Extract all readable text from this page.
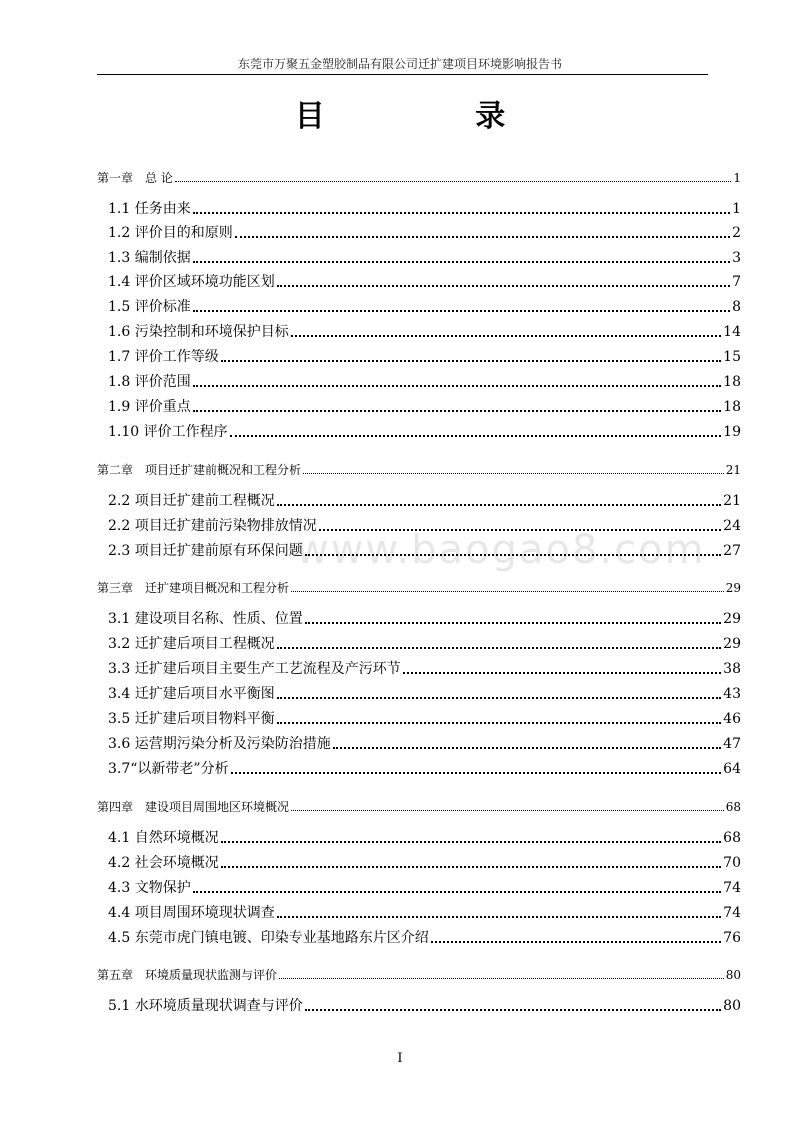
东莞市万聚五金塑胶制品有限公司迁扩建项目环境影响报告书
目 录
www.baogao8.com
第一章　总 论	1
1.1 任务由来	1
1.2 评价目的和原则	2
1.3 编制依据	3
1.4 评价区域环境功能区划	7
1.5 评价标准	8
1.6 污染控制和环境保护目标	14
1.7 评价工作等级	15
1.8 评价范围	18
1.9 评价重点	18
1.10 评价工作程序	19
第二章　项目迁扩建前概况和工程分析	21
2.2 项目迁扩建前工程概况	21
2.2 项目迁扩建前污染物排放情况	24
2.3 项目迁扩建前原有环保问题	27
第三章　迁扩建项目概况和工程分析	29
3.1 建设项目名称、性质、位置	29
3.2 迁扩建后项目工程概况	29
3.3 迁扩建后项目主要生产工艺流程及产污环节	38
3.4 迁扩建后项目水平衡图	43
3.5 迁扩建后项目物料平衡	46
3.6 运营期污染分析及污染防治措施	47
3.7“以新带老”分析	64
第四章　建设项目周围地区环境概况	68
4.1 自然环境概况	68
4.2 社会环境概况	70
4.3 文物保护	74
4.4 项目周围环境现状调查	74
4.5 东莞市虎门镇电镀、印染专业基地路东片区介绍	76
第五章　环境质量现状监测与评价	80
5.1 水环境质量现状调查与评价	80
I
